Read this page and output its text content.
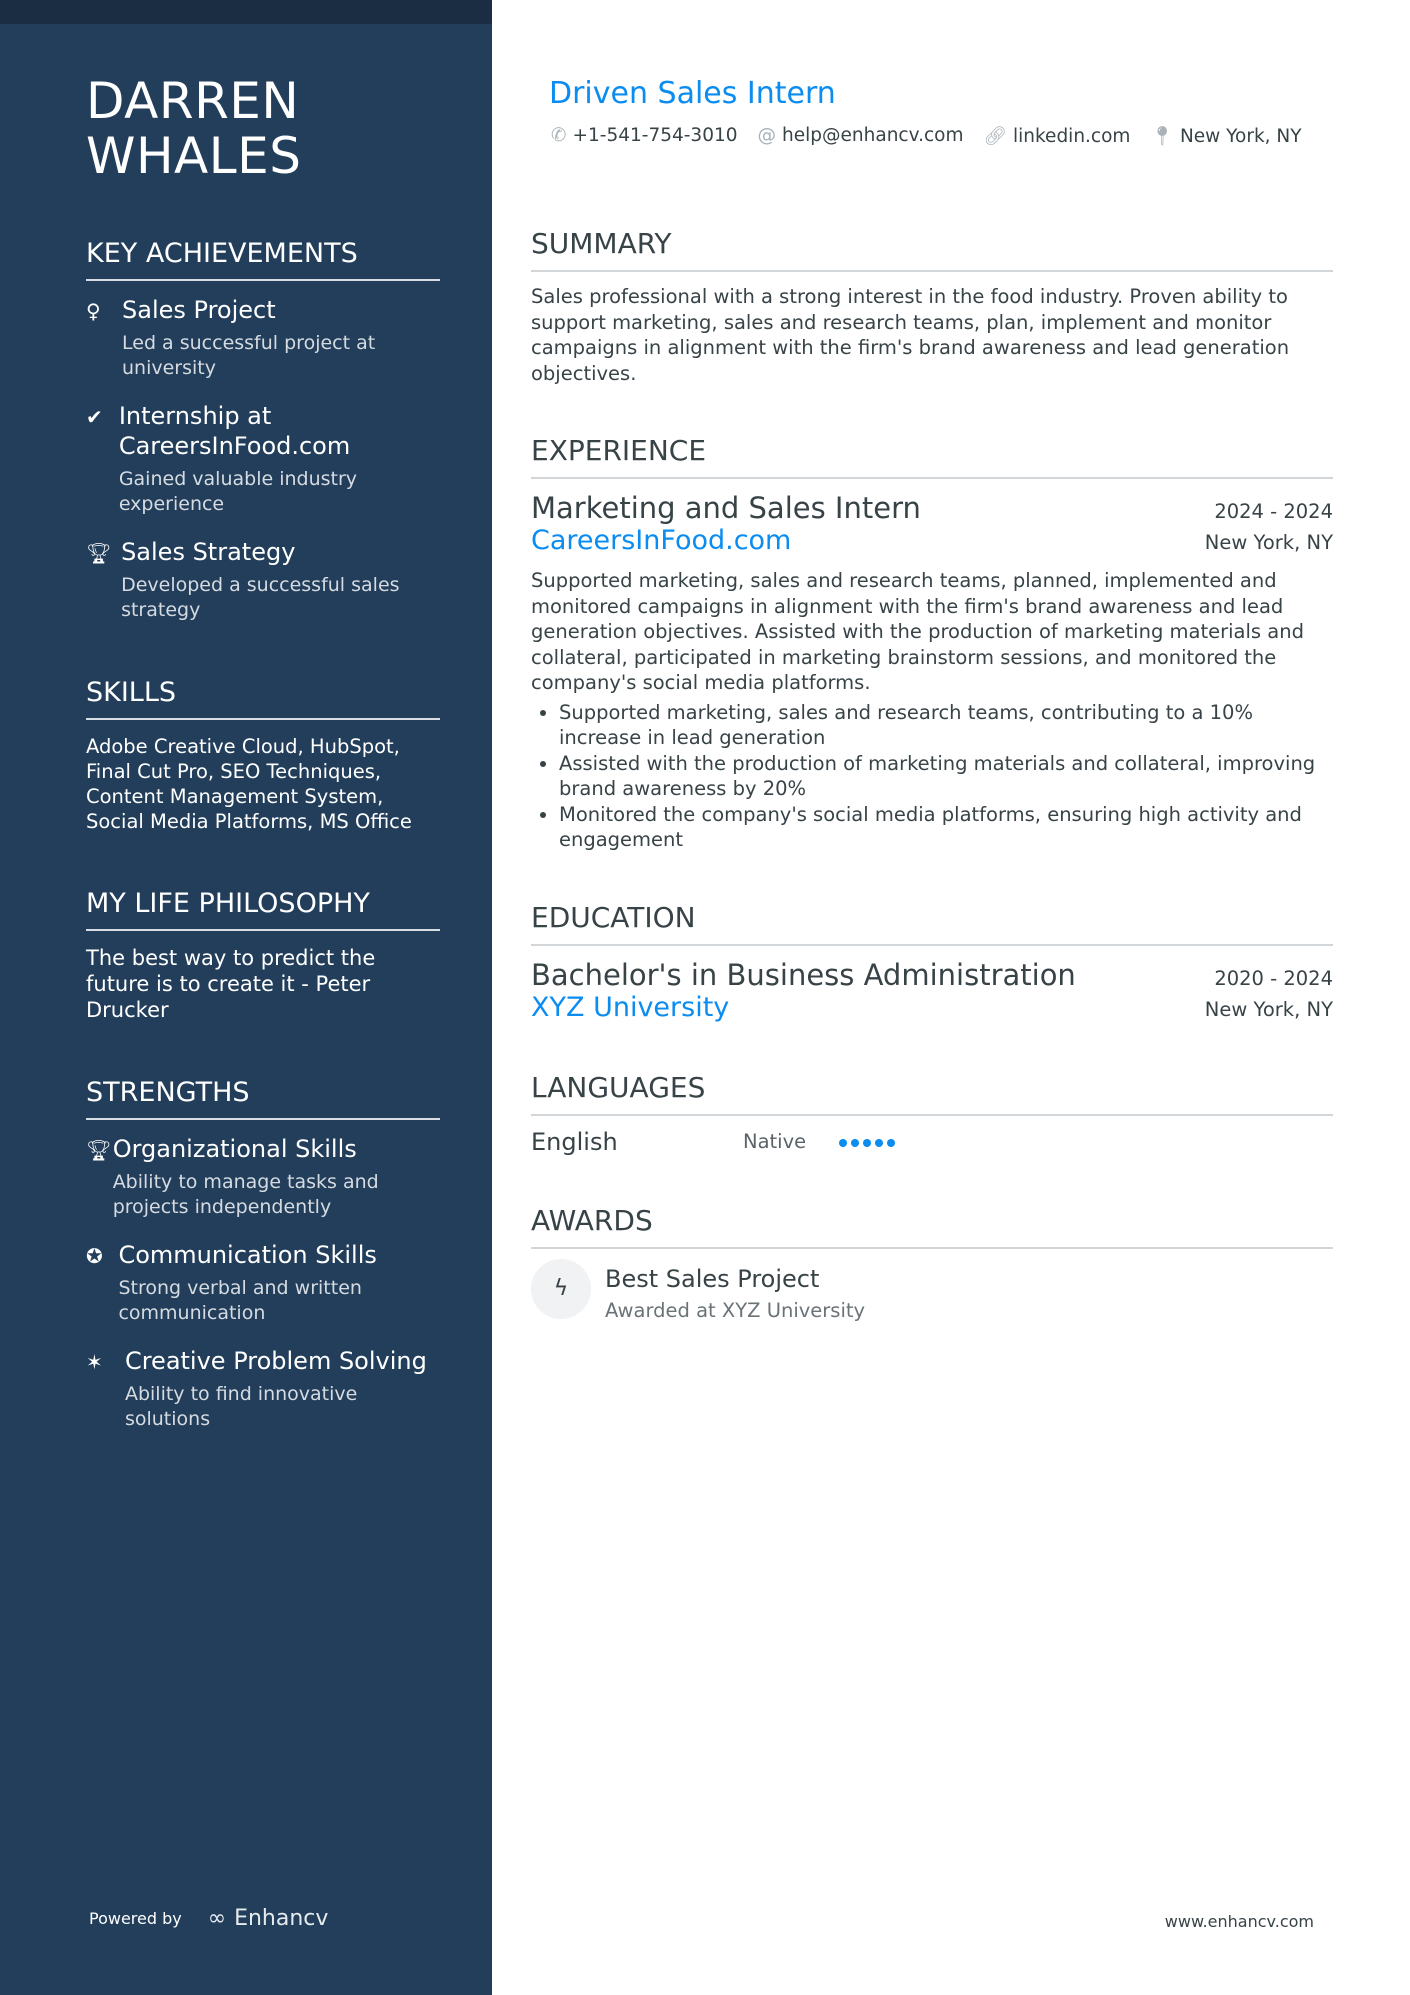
DARREN
WHALES
KEY ACHIEVEMENTS
♀ Sales Project
Led a successful project at university
✔ Internship at CareersInFood.com
Gained valuable industry experience
🏆︎ Sales Strategy
Developed a successful sales strategy
SKILLS
Adobe Creative Cloud, HubSpot, Final Cut Pro, SEO Techniques, Content Management System, Social Media Platforms, MS Office
MY LIFE PHILOSOPHY
The best way to predict the future is to create it - Peter Drucker
STRENGTHS
🏆︎ Organizational Skills
Ability to manage tasks and projects independently
✪ Communication Skills
Strong verbal and written communication
✶ Creative Problem Solving
Ability to find innovative solutions
Powered by ∞ Enhancv
Driven Sales Intern
✆ +1-541-754-3010 @ help@enhancv.com 🔗︎ linkedin.com 📍︎ New York, NY
SUMMARY
Sales professional with a strong interest in the food industry. Proven ability to support marketing, sales and research teams, plan, implement and monitor campaigns in alignment with the firm's brand awareness and lead generation objectives.
EXPERIENCE
Marketing and Sales Intern	2024 - 2024
CareersInFood.com	New York, NY
Supported marketing, sales and research teams, planned, implemented and monitored campaigns in alignment with the firm's brand awareness and lead generation objectives. Assisted with the production of marketing materials and collateral, participated in marketing brainstorm sessions, and monitored the company's social media platforms.
• Supported marketing, sales and research teams, contributing to a 10% increase in lead generation
• Assisted with the production of marketing materials and collateral, improving brand awareness by 20%
• Monitored the company's social media platforms, ensuring high activity and engagement
EDUCATION
Bachelor's in Business Administration	2020 - 2024
XYZ University	New York, NY
LANGUAGES
English	Native
AWARDS
ϟ	Best Sales Project
Awarded at XYZ University
www.enhancv.com
